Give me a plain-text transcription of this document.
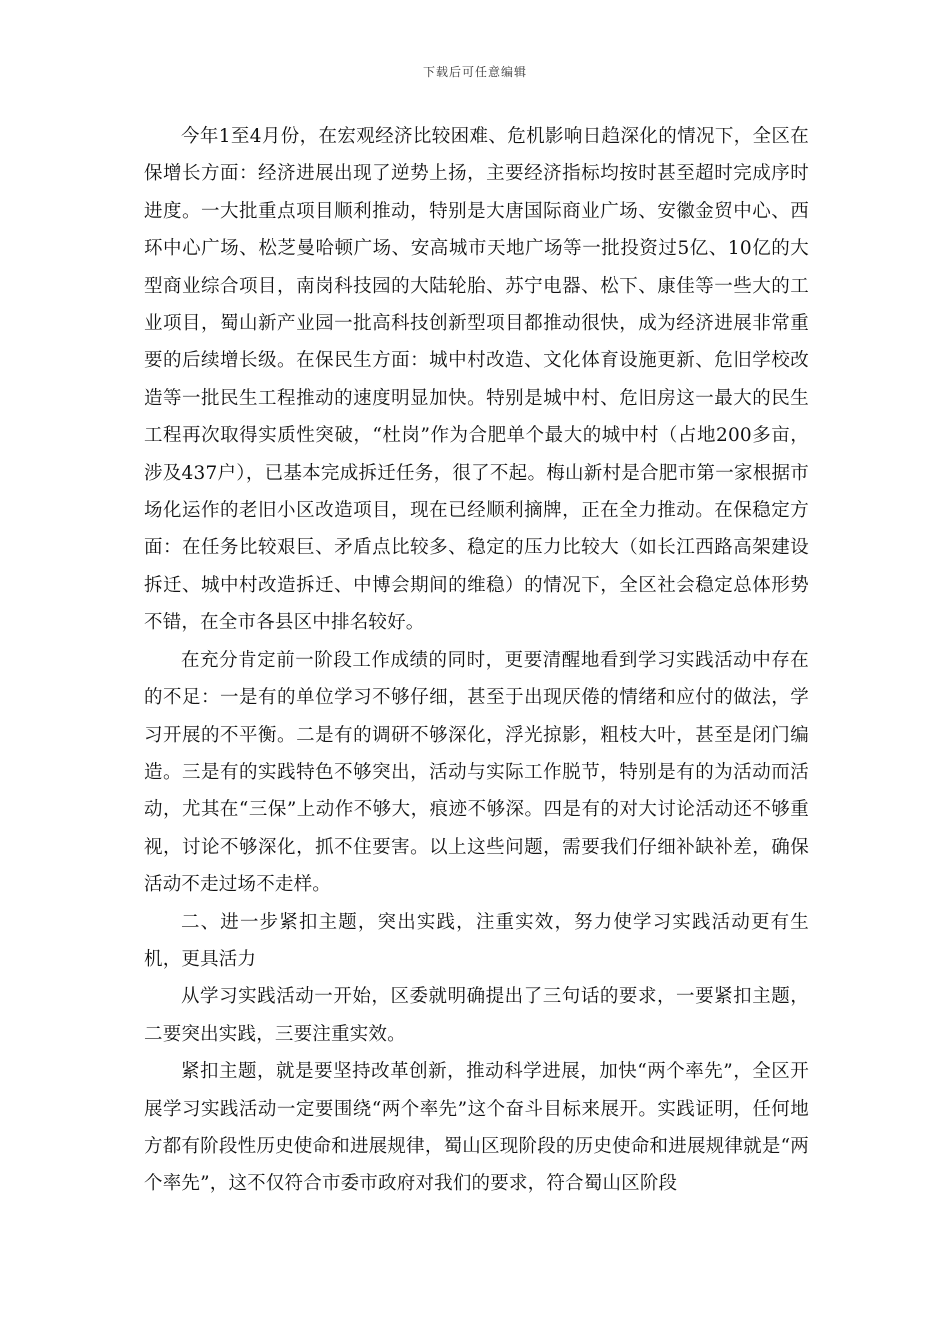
下载后可任意编辑

今年1至4月份，在宏观经济比较困难、危机影响日趋深化的情况下，全区在保增长方面：经济进展出现了逆势上扬，主要经济指标均按时甚至超时完成序时进度。一大批重点项目顺利推动，特别是大唐国际商业广场、安徽金贸中心、西环中心广场、松芝曼哈顿广场、安高城市天地广场等一批投资过5亿、10亿的大型商业综合项目，南岗科技园的大陆轮胎、苏宁电器、松下、康佳等一些大的工业项目，蜀山新产业园一批高科技创新型项目都推动很快，成为经济进展非常重要的后续增长级。在保民生方面：城中村改造、文化体育设施更新、危旧学校改造等一批民生工程推动的速度明显加快。特别是城中村、危旧房这一最大的民生工程再次取得实质性突破，“杜岗”作为合肥单个最大的城中村（占地200多亩，涉及437户），已基本完成拆迁任务，很了不起。梅山新村是合肥市第一家根据市场化运作的老旧小区改造项目，现在已经顺利摘牌，正在全力推动。在保稳定方面：在任务比较艰巨、矛盾点比较多、稳定的压力比较大（如长江西路高架建设拆迁、城中村改造拆迁、中博会期间的维稳）的情况下，全区社会稳定总体形势不错，在全市各县区中排名较好。

在充分肯定前一阶段工作成绩的同时，更要清醒地看到学习实践活动中存在的不足：一是有的单位学习不够仔细，甚至于出现厌倦的情绪和应付的做法，学习开展的不平衡。二是有的调研不够深化，浮光掠影，粗枝大叶，甚至是闭门编造。三是有的实践特色不够突出，活动与实际工作脱节，特别是有的为活动而活动，尤其在“三保”上动作不够大，痕迹不够深。四是有的对大讨论活动还不够重视，讨论不够深化，抓不住要害。以上这些问题，需要我们仔细补缺补差，确保活动不走过场不走样。

二、进一步紧扣主题，突出实践，注重实效，努力使学习实践活动更有生机，更具活力

从学习实践活动一开始，区委就明确提出了三句话的要求，一要紧扣主题，二要突出实践，三要注重实效。

紧扣主题，就是要坚持改革创新，推动科学进展，加快“两个率先”，全区开展学习实践活动一定要围绕“两个率先”这个奋斗目标来展开。实践证明，任何地方都有阶段性历史使命和进展规律，蜀山区现阶段的历史使命和进展规律就是“两个率先”，这不仅符合市委市政府对我们的要求，符合蜀山区阶段
